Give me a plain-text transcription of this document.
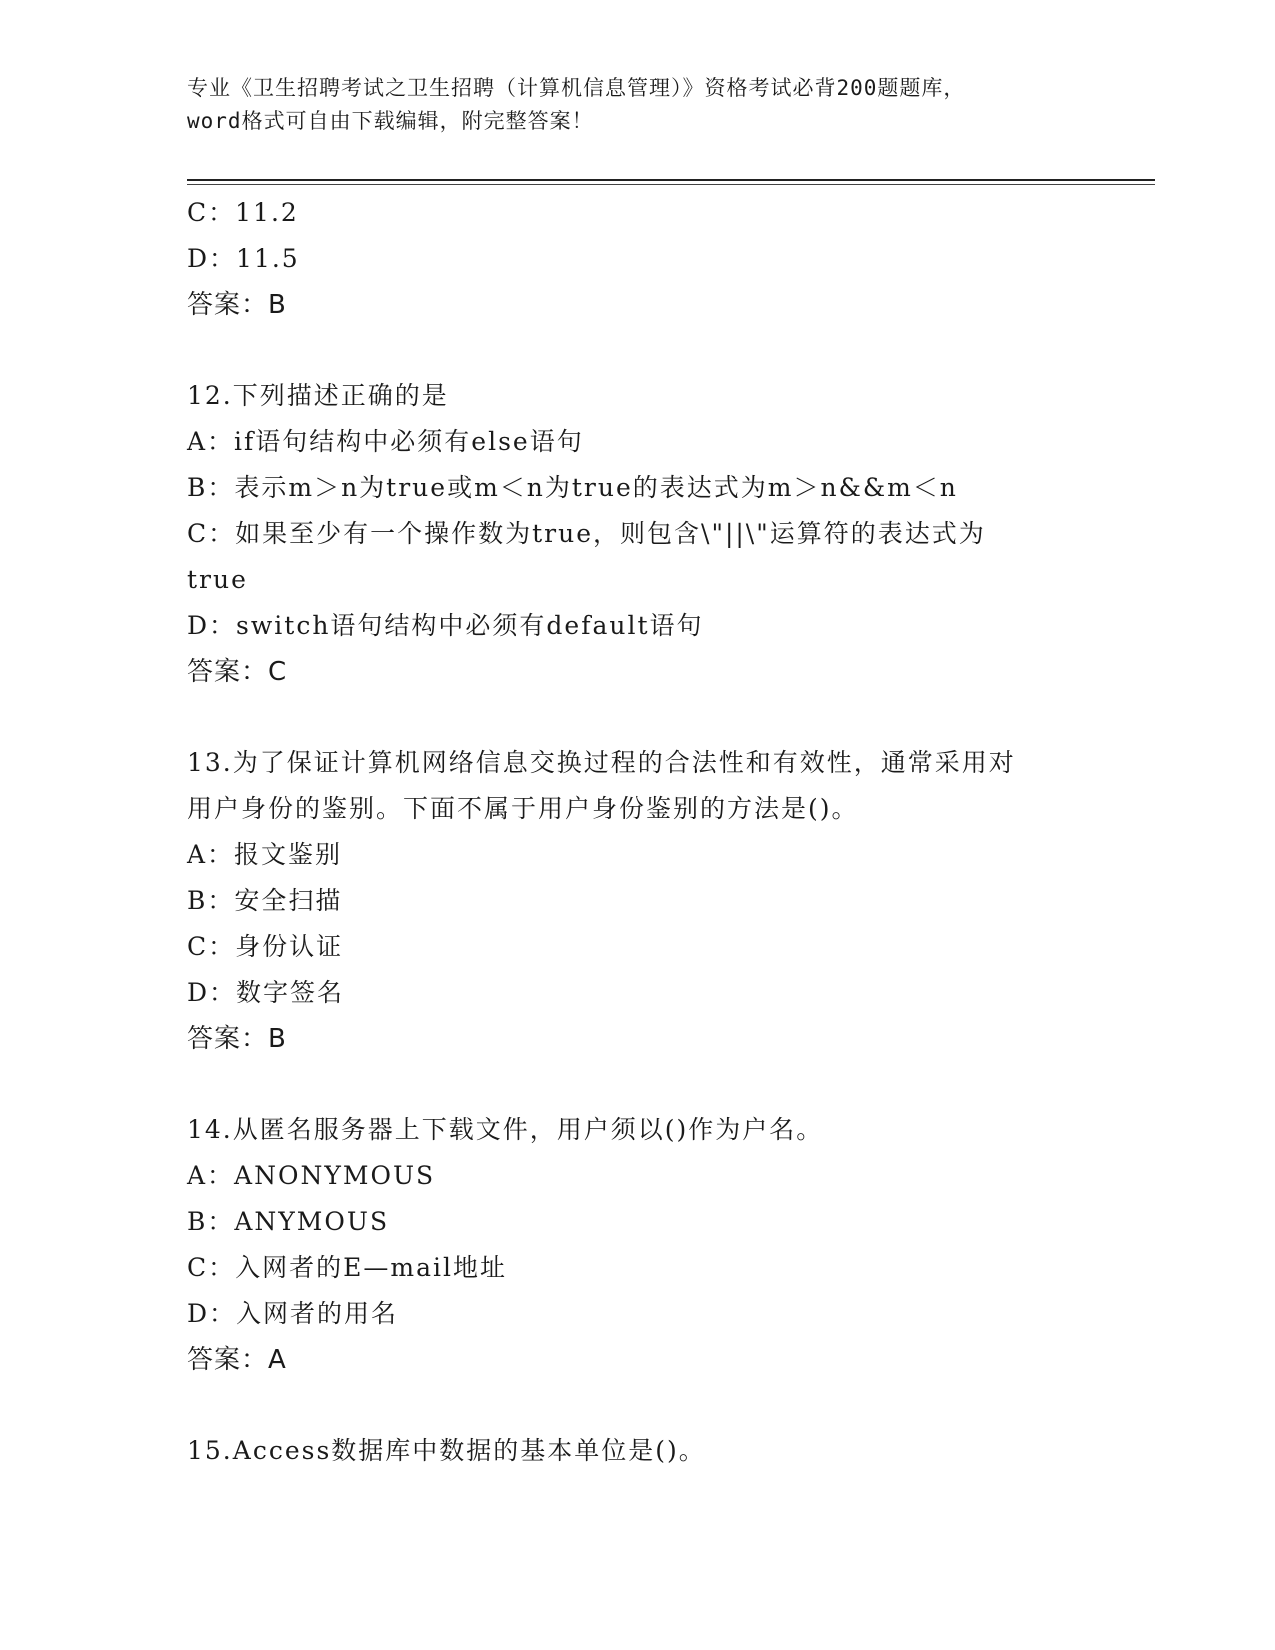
专业《卫生招聘考试之卫生招聘（计算机信息管理）》资格考试必背200题题库，
word格式可自由下载编辑，附完整答案！
C：11.2
D：11.5
答案：B
12.下列描述正确的是
A：if语句结构中必须有else语句
B：表示m＞n为true或m＜n为true的表达式为m＞n&&m＜n
C：如果至少有一个操作数为true，则包含\"||\"运算符的表达式为
true
D：switch语句结构中必须有default语句
答案：C
13.为了保证计算机网络信息交换过程的合法性和有效性，通常采用对
用户身份的鉴别。下面不属于用户身份鉴别的方法是()。
A：报文鉴别
B：安全扫描
C：身份认证
D：数字签名
答案：B
14.从匿名服务器上下载文件，用户须以()作为户名。
A：ANONYMOUS
B：ANYMOUS
C：入网者的E—mail地址
D：入网者的用名
答案：A
15.Access数据库中数据的基本单位是()。
